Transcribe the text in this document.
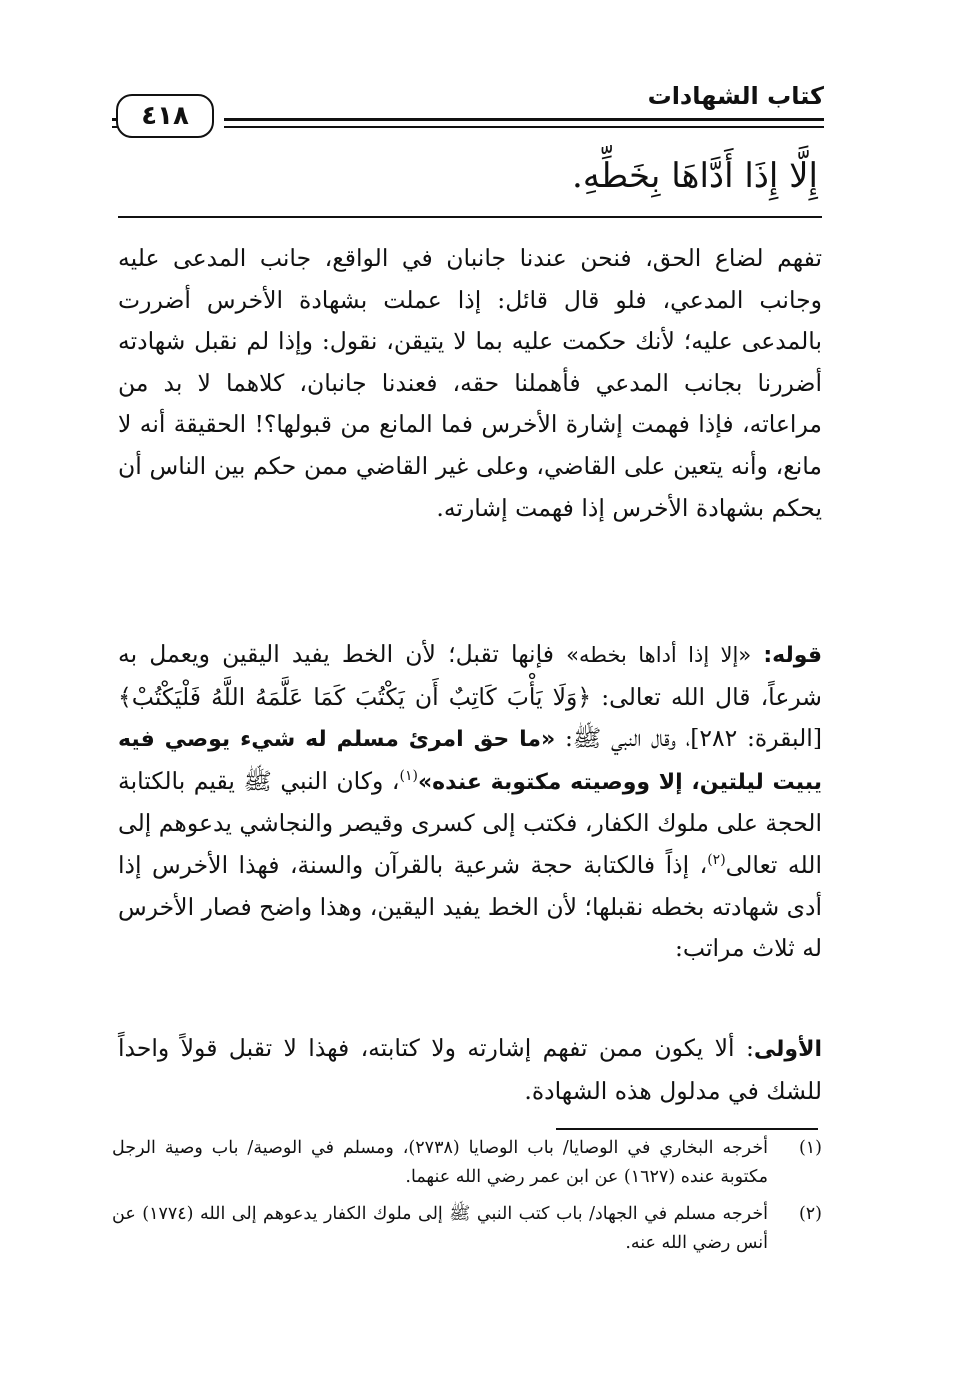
كتاب الشهادات
٤١٨
إِلَّا إِذَا أَدَّاهَا بِخَطِّهِ.
تفهم لضاع الحق، فنحن عندنا جانبان في الواقع، جانب المدعى عليه وجانب المدعي، فلو قال قائل: إذا عملت بشهادة الأخرس أضررت بالمدعى عليه؛ لأنك حكمت عليه بما لا يتيقن، نقول: وإذا لم نقبل شهادته أضررنا بجانب المدعي فأهملنا حقه، فعندنا جانبان، كلاهما لا بد من مراعاته، فإذا فهمت إشارة الأخرس فما المانع من قبولها؟! الحقيقة أنه لا مانع، وأنه يتعين على القاضي، وعلى غير القاضي ممن حكم بين الناس أن يحكم بشهادة الأخرس إذا فهمت إشارته.
قوله: «إلا إذا أداها بخطه» فإنها تقبل؛ لأن الخط يفيد اليقين ويعمل به شرعاً، قال الله تعالى: ﴿وَلَا يَأْبَ كَاتِبٌ أَن يَكْتُبَ كَمَا عَلَّمَهُ اللَّهُ فَلْيَكْتُبْ﴾ [البقرة: ٢٨٢]، وقال النبي ﷺ: «ما حق امرئ مسلم له شيء يوصي فيه يبيت ليلتين، إلا ووصيته مكتوبة عنده»$^{(١)}$، وكان النبي ﷺ يقيم بالكتابة الحجة على ملوك الكفار، فكتب إلى كسرى وقيصر والنجاشي يدعوهم إلى الله تعالى$^{(٢)}$، إذاً فالكتابة حجة شرعية بالقرآن والسنة، فهذا الأخرس إذا أدى شهادته بخطه نقبلها؛ لأن الخط يفيد اليقين، وهذا واضح فصار الأخرس له ثلاث مراتب:
الأولى: ألا يكون ممن تفهم إشارته ولا كتابته، فهذا لا تقبل قولاً واحداً للشك في مدلول هذه الشهادة.
(١)
أخرجه البخاري في الوصايا/ باب الوصايا (٢٧٣٨)، ومسلم في الوصية/ باب وصية الرجل مكتوبة عنده (١٦٢٧) عن ابن عمر رضي الله عنهما.
(٢)
أخرجه مسلم في الجهاد/ باب كتب النبي ﷺ إلى ملوك الكفار يدعوهم إلى الله (١٧٧٤) عن أنس رضي الله عنه.
